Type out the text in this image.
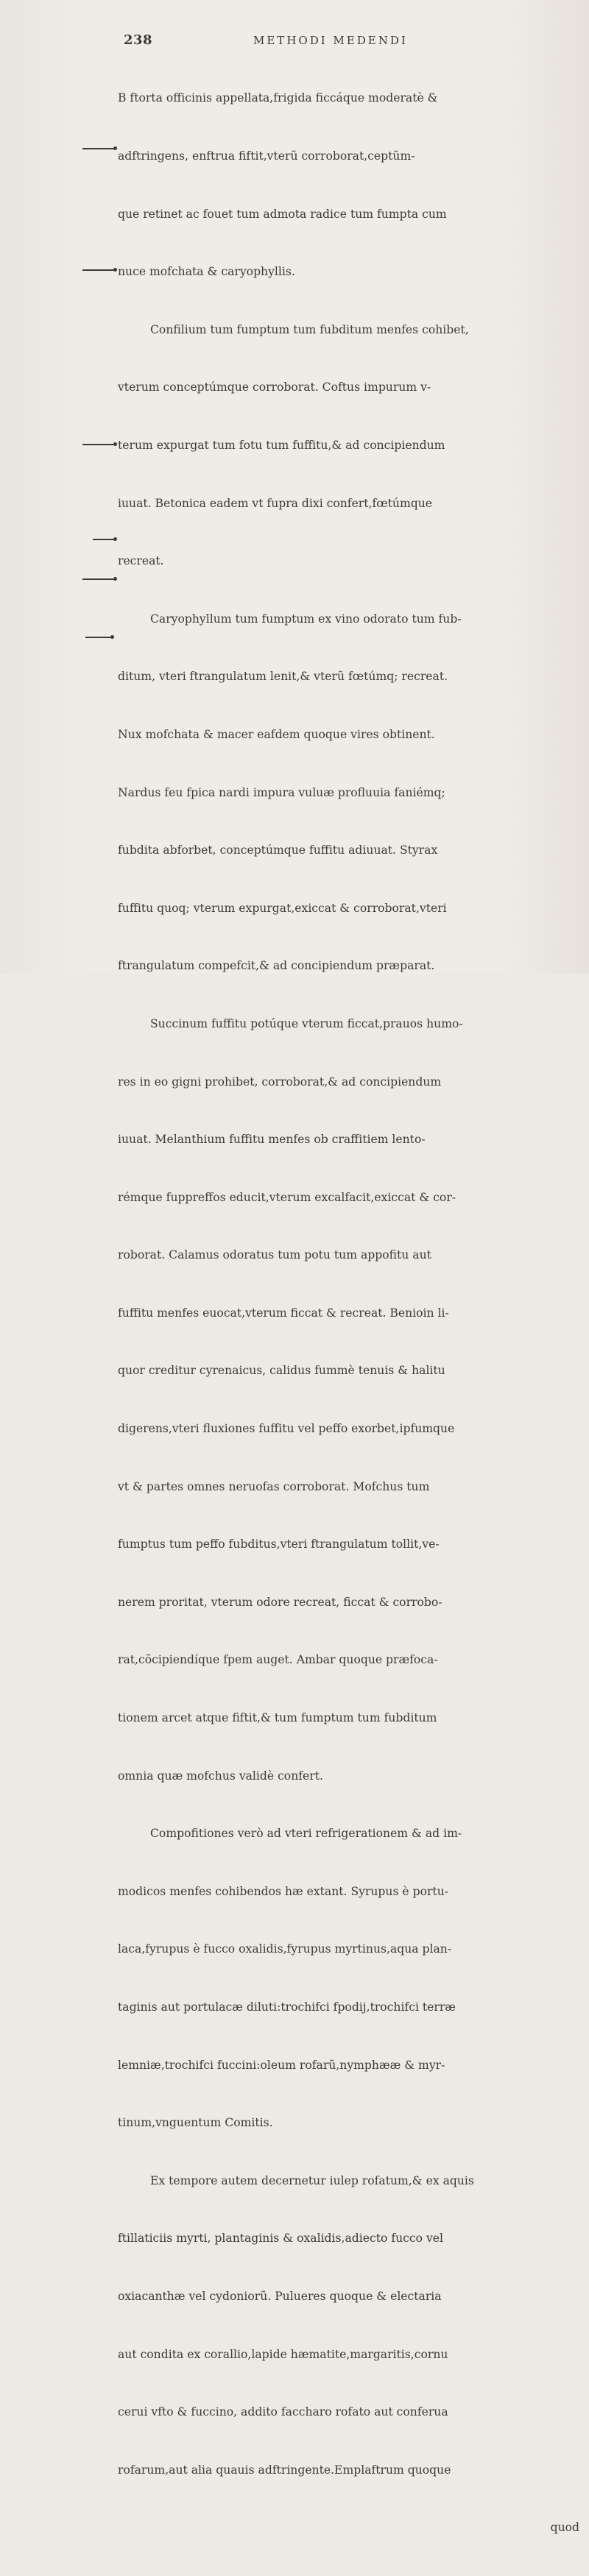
238	METHODI MEDENDI

B ftorta officinis appellata,frigida ficcáque moderatè &

adftringens, enftrua fiftit,vterũ corroborat,ceptũm-

que retinet ac fouet tum admota radice tum fumpta cum

nuce mofchata & caryophyllis.

Confilium tum fumptum tum fubditum menfes cohibet,

vterum conceptúmque corroborat. Coftus impurum v-

terum expurgat tum fotu tum fuffitu,& ad concipiendum

iuuat. Betonica eadem vt fupra dixi confert,fœtúmque

recreat.

Caryophyllum tum fumptum ex vino odorato tum fub-

ditum, vteri ftrangulatum lenit,& vterũ fœtúmq; recreat.

Nux mofchata & macer eafdem quoque vires obtinent.

Nardus feu fpica nardi impura vuluæ profluuia faniémq;

fubdita abforbet, conceptúmque fuffitu adiuuat. Styrax

fuffitu quoq; vterum expurgat,exiccat & corroborat,vteri

ftrangulatum compefcit,& ad concipiendum præparat.

Succinum fuffitu potúque vterum ficcat,prauos humo-

res in eo gigni prohibet, corroborat,& ad concipiendum

iuuat. Melanthium fuffitu menfes ob craffitiem lento-

rémque fuppreffos educit,vterum excalfacit,exiccat & cor-

roborat. Calamus odoratus tum potu tum appofitu aut

fuffitu menfes euocat,vterum ficcat & recreat. Benioin li-

quor creditur cyrenaicus, calidus fummè tenuis & halitu

digerens,vteri fluxiones fuffitu vel peffo exorbet,ipfumque

vt & partes omnes neruofas corroborat. Mofchus tum

fumptus tum peffo fubditus,vteri ftrangulatum tollit,ve-

nerem proritat, vterum odore recreat, ficcat & corrobo-

rat,cõcipiendíque fpem auget. Ambar quoque præfoca-

tionem arcet atque fiftit,& tum fumptum tum fubditum

omnia quæ mofchus validè confert.

Compofitiones verò ad vteri refrigerationem & ad im-

modicos menfes cohibendos hæ extant. Syrupus è portu-

laca,fyrupus è fucco oxalidis,fyrupus myrtinus,aqua plan-

taginis aut portulacæ diluti:trochifci fpodij,trochifci terræ

lemniæ,trochifci fuccini:oleum rofarũ,nymphææ & myr-

tinum,vnguentum Comitis.

Ex tempore autem decernetur iulep rofatum,& ex aquis

ftillaticiis myrti, plantaginis & oxalidis,adiecto fucco vel

oxiacanthæ vel cydoniorũ. Pulueres quoque & electaria

aut condita ex corallio,lapide hæmatite,margaritis,cornu

cerui vfto & fuccino, addito faccharo rofato aut conferua

rofarum,aut alia quauis adftringente.Emplaftrum quoque

quod
